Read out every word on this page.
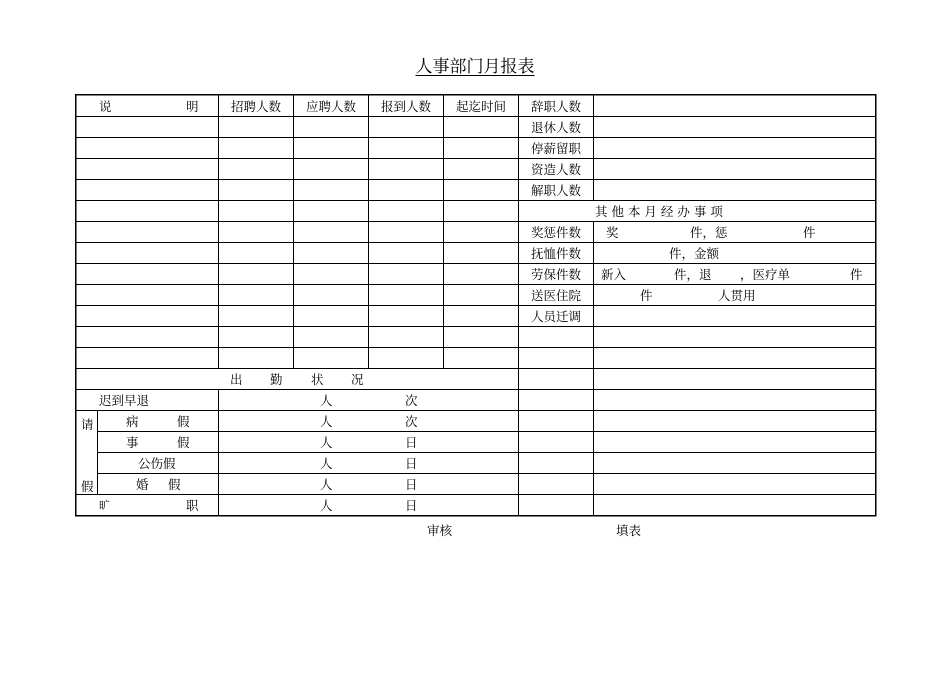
人事部门月报表
说	明	招聘人数 应聘人数 报到人数 起迄时间 辞职人数
退休人数
停薪留职
资造人数
解职人数
其 他 本 月 经 办 事 项
奖惩件数 奖	件，惩	件
抚恤件数	件，金额
劳保件数 新入	件，退 ，医疗单	件
送医住院	件	人贯用
人员迁调
出 勤 状 况
迟到早退	人	次
请
假
病	假	人	次
事	假	人	日
公伤假	人	日
婚 假	人	日
旷	职	人	日
审核	填表
